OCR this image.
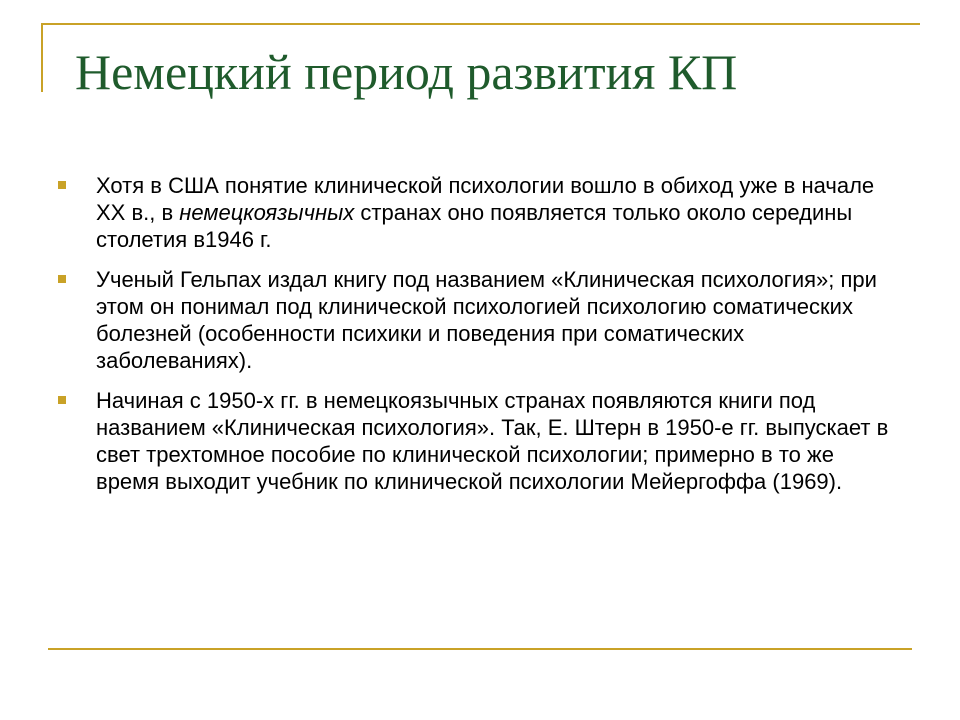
Немецкий период развития КП
Хотя в США понятие клинической психологии вошло в обиход уже в начале XX в., в немецкоязычных странах оно появляется только около середины столетия в1946 г.
Ученый Гельпах издал книгу под названием «Клиническая психология»; при этом он понимал под клинической психологией психологию соматических болезней (особенности психики и поведения при соматических заболеваниях).
Начиная с 1950-х гг. в немецкоязычных странах появляются книги под названием «Клиническая психология». Так, Е. Штерн в 1950-е гг. выпускает в свет трехтомное пособие по клинической психологии; примерно в то же время выходит учебник по клинической психологии Мейергоффа (1969).
